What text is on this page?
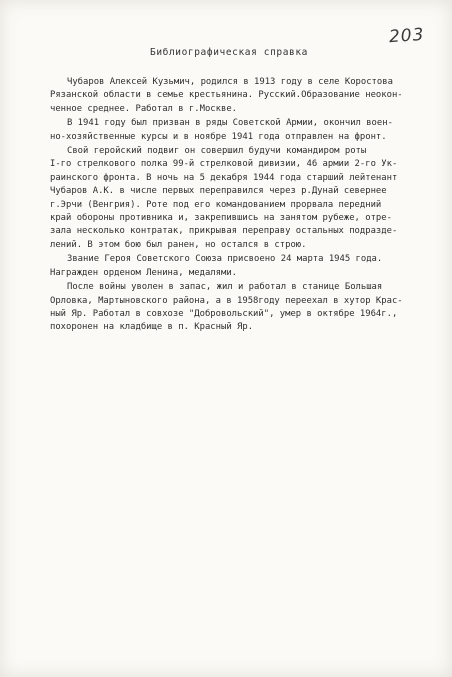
203
Библиографическая справка

Чубаров Алексей Кузьмич, родился в 1913 году в селе Коростова
Рязанской области в семье крестьянина. Русский.Образование неокон-
ченное среднее. Работал в г.Москве.

В 1941 году был призван в ряды Советской Армии, окончил воен-
но-хозяйственные курсы и в ноябре 1941 года отправлен на фронт.

Свой геройский подвиг он совершил будучи командиром роты
I-го стрелкового полка 99-й стрелковой дивизии, 46 армии 2-го Ук-
раинского фронта. В ночь на 5 декабря 1944 года старший лейтенант
Чубаров А.К. в числе первых переправился через р.Дунай севернее
г.Эрчи (Венгрия). Роте под его командованием прорвала передний
край обороны противника и, закрепившись на занятом рубеже, отре-
зала несколько контратак, прикрывая переправу остальных подразде-
лений. В этом бою был ранен, но остался в строю.

Звание Героя Советского Союза присвоено 24 марта 1945 года.
Награжден орденом Ленина, медалями.

После войны уволен в запас, жил и работал в станице Большая
Орловка, Мартыновского района, а в 1958году переехал в хутор Крас-
ный Яр. Работал в совхозе "Добровольский", умер в октябре 1964г.,
похоронен на кладбище в п. Красный Яр.
